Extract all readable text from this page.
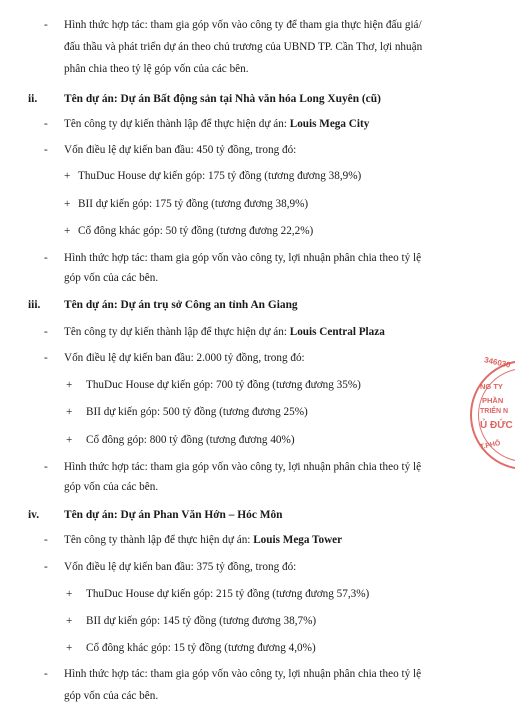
- Hình thức hợp tác: tham gia góp vốn vào công ty để tham gia thực hiện đấu giá/

đấu thầu và phát triển dự án theo chủ trương của UBND TP. Cần Thơ, lợi nhuận

phân chia theo tỷ lệ góp vốn của các bên.

ii. Tên dự án: Dự án Bất động sản tại Nhà văn hóa Long Xuyên (cũ)
- Tên công ty dự kiến thành lập để thực hiện dự án: Louis Mega City

- Vốn điều lệ dự kiến ban đầu: 450 tỷ đồng, trong đó:

+ ThuDuc House dự kiến góp: 175 tỷ đồng (tương đương 38,9%)

+ BII dự kiến góp: 175 tỷ đồng (tương đương 38,9%)

+ Cổ đông khác góp: 50 tỷ đồng (tương đương 22,2%)

- Hình thức hợp tác: tham gia góp vốn vào công ty, lợi nhuận phân chia theo tỷ lệ

góp vốn của các bên.

iii. Tên dự án: Dự án trụ sở Công an tỉnh An Giang
- Tên công ty dự kiến thành lập để thực hiện dự án: Louis Central Plaza

- Vốn điều lệ dự kiến ban đầu: 2.000 tỷ đồng, trong đó:

+ ThuDuc House dự kiến góp: 700 tỷ đồng (tương đương 35%)

+ BII dự kiến góp: 500 tỷ đồng (tương đương 25%)

+ Cổ đông góp: 800 tỷ đồng (tương đương 40%)

- Hình thức hợp tác: tham gia góp vốn vào công ty, lợi nhuận phân chia theo tỷ lệ

góp vốn của các bên.

iv. Tên dự án: Dự án Phan Văn Hớn – Hóc Môn
- Tên công ty thành lập để thực hiện dự án: Louis Mega Tower

- Vốn điều lệ dự kiến ban đầu: 375 tỷ đồng, trong đó:

+ ThuDuc House dự kiến góp: 215 tỷ đồng (tương đương 57,3%)

+ BII dự kiến góp: 145 tỷ đồng (tương đương 38,7%)

+ Cổ đông khác góp: 15 tỷ đồng (tương đương 4,0%)

- Hình thức hợp tác: tham gia góp vốn vào công ty, lợi nhuận phân chia theo tỷ lệ

góp vốn của các bên.

346030
NG TY
PHẦN
TRIỂN N
Ủ ĐỨC
T.PHỐ
